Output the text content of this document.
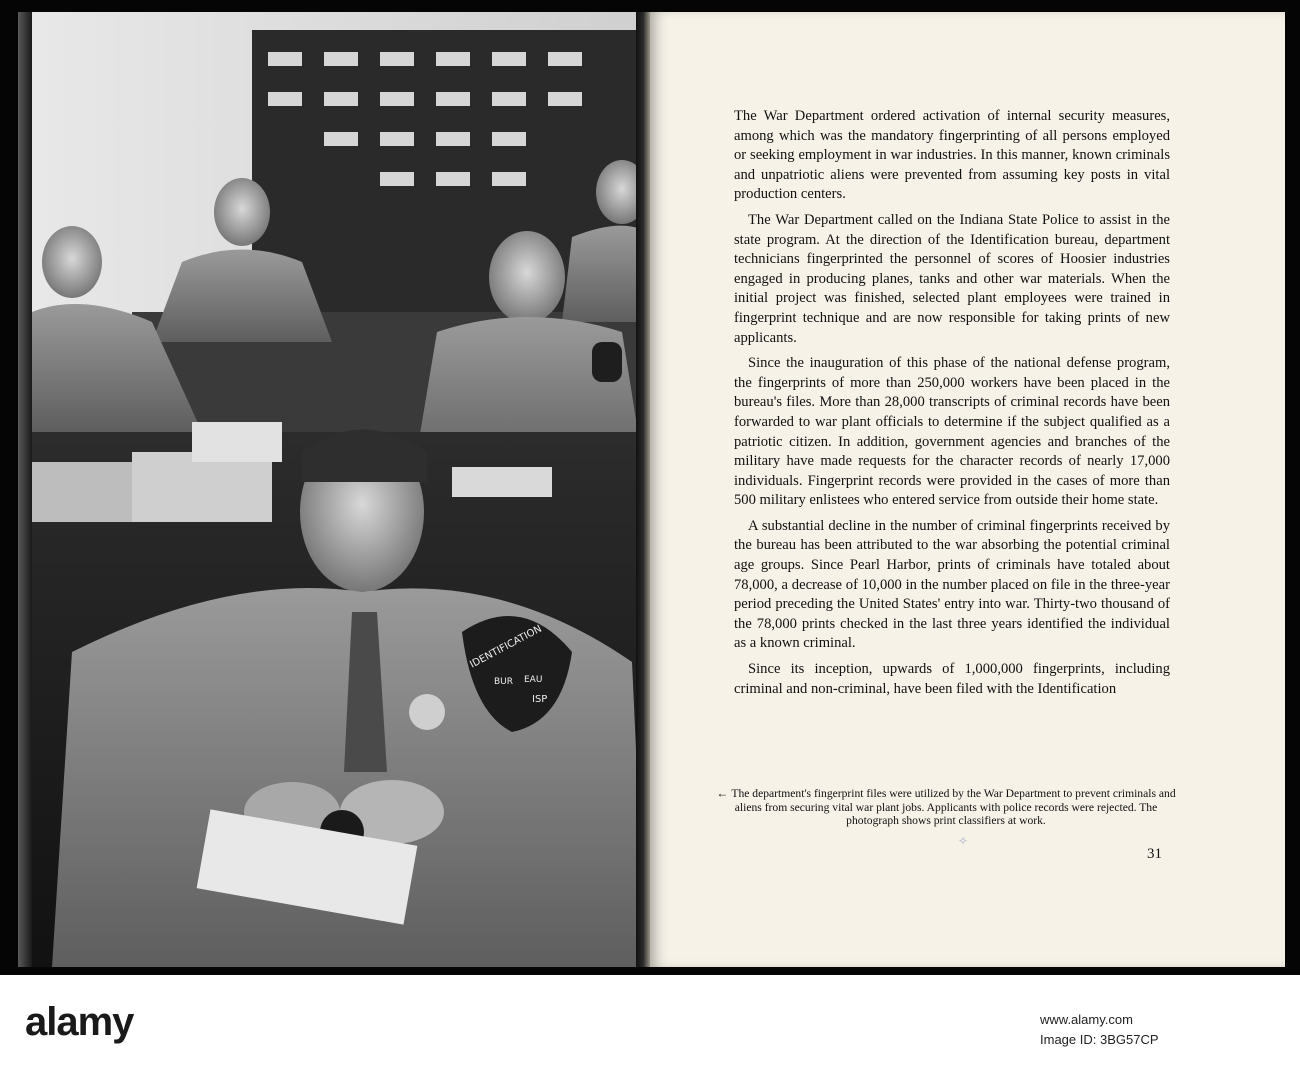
IDENTIFICATION
BUR EAU
ISP

The War Department ordered activation of internal security measures, among which was the mandatory fingerprinting of all persons employed or seeking employment in war industries. In this manner, known criminals and unpatriotic aliens were prevented from assuming key posts in vital production centers.

The War Department called on the Indiana State Police to assist in the state program. At the direction of the Identification bureau, department technicians fingerprinted the personnel of scores of Hoosier industries engaged in producing planes, tanks and other war materials. When the initial project was finished, selected plant employees were trained in fingerprint technique and are now responsible for taking prints of new applicants.

Since the inauguration of this phase of the national defense program, the fingerprints of more than 250,000 workers have been placed in the bureau's files. More than 28,000 transcripts of criminal records have been forwarded to war plant officials to determine if the subject qualified as a patriotic citizen. In addition, government agencies and branches of the military have made requests for the character records of nearly 17,000 individuals. Fingerprint records were provided in the cases of more than 500 military enlistees who entered service from outside their home state.

A substantial decline in the number of criminal fingerprints received by the bureau has been attributed to the war absorbing the potential criminal age groups. Since Pearl Harbor, prints of criminals have totaled about 78,000, a decrease of 10,000 in the number placed on file in the three-year period preceding the United States' entry into war. Thirty-two thousand of the 78,000 prints checked in the last three years identified the individual as a known criminal.

Since its inception, upwards of 1,000,000 fingerprints, including criminal and non-criminal, have been filed with the Identification

← The department's fingerprint files were utilized by the War Department to prevent criminals and aliens from securing vital war plant jobs. Applicants with police records were rejected. The photograph shows print classifiers at work.
✧
31
alamy	www.alamy.com
Image ID: 3BG57CP
